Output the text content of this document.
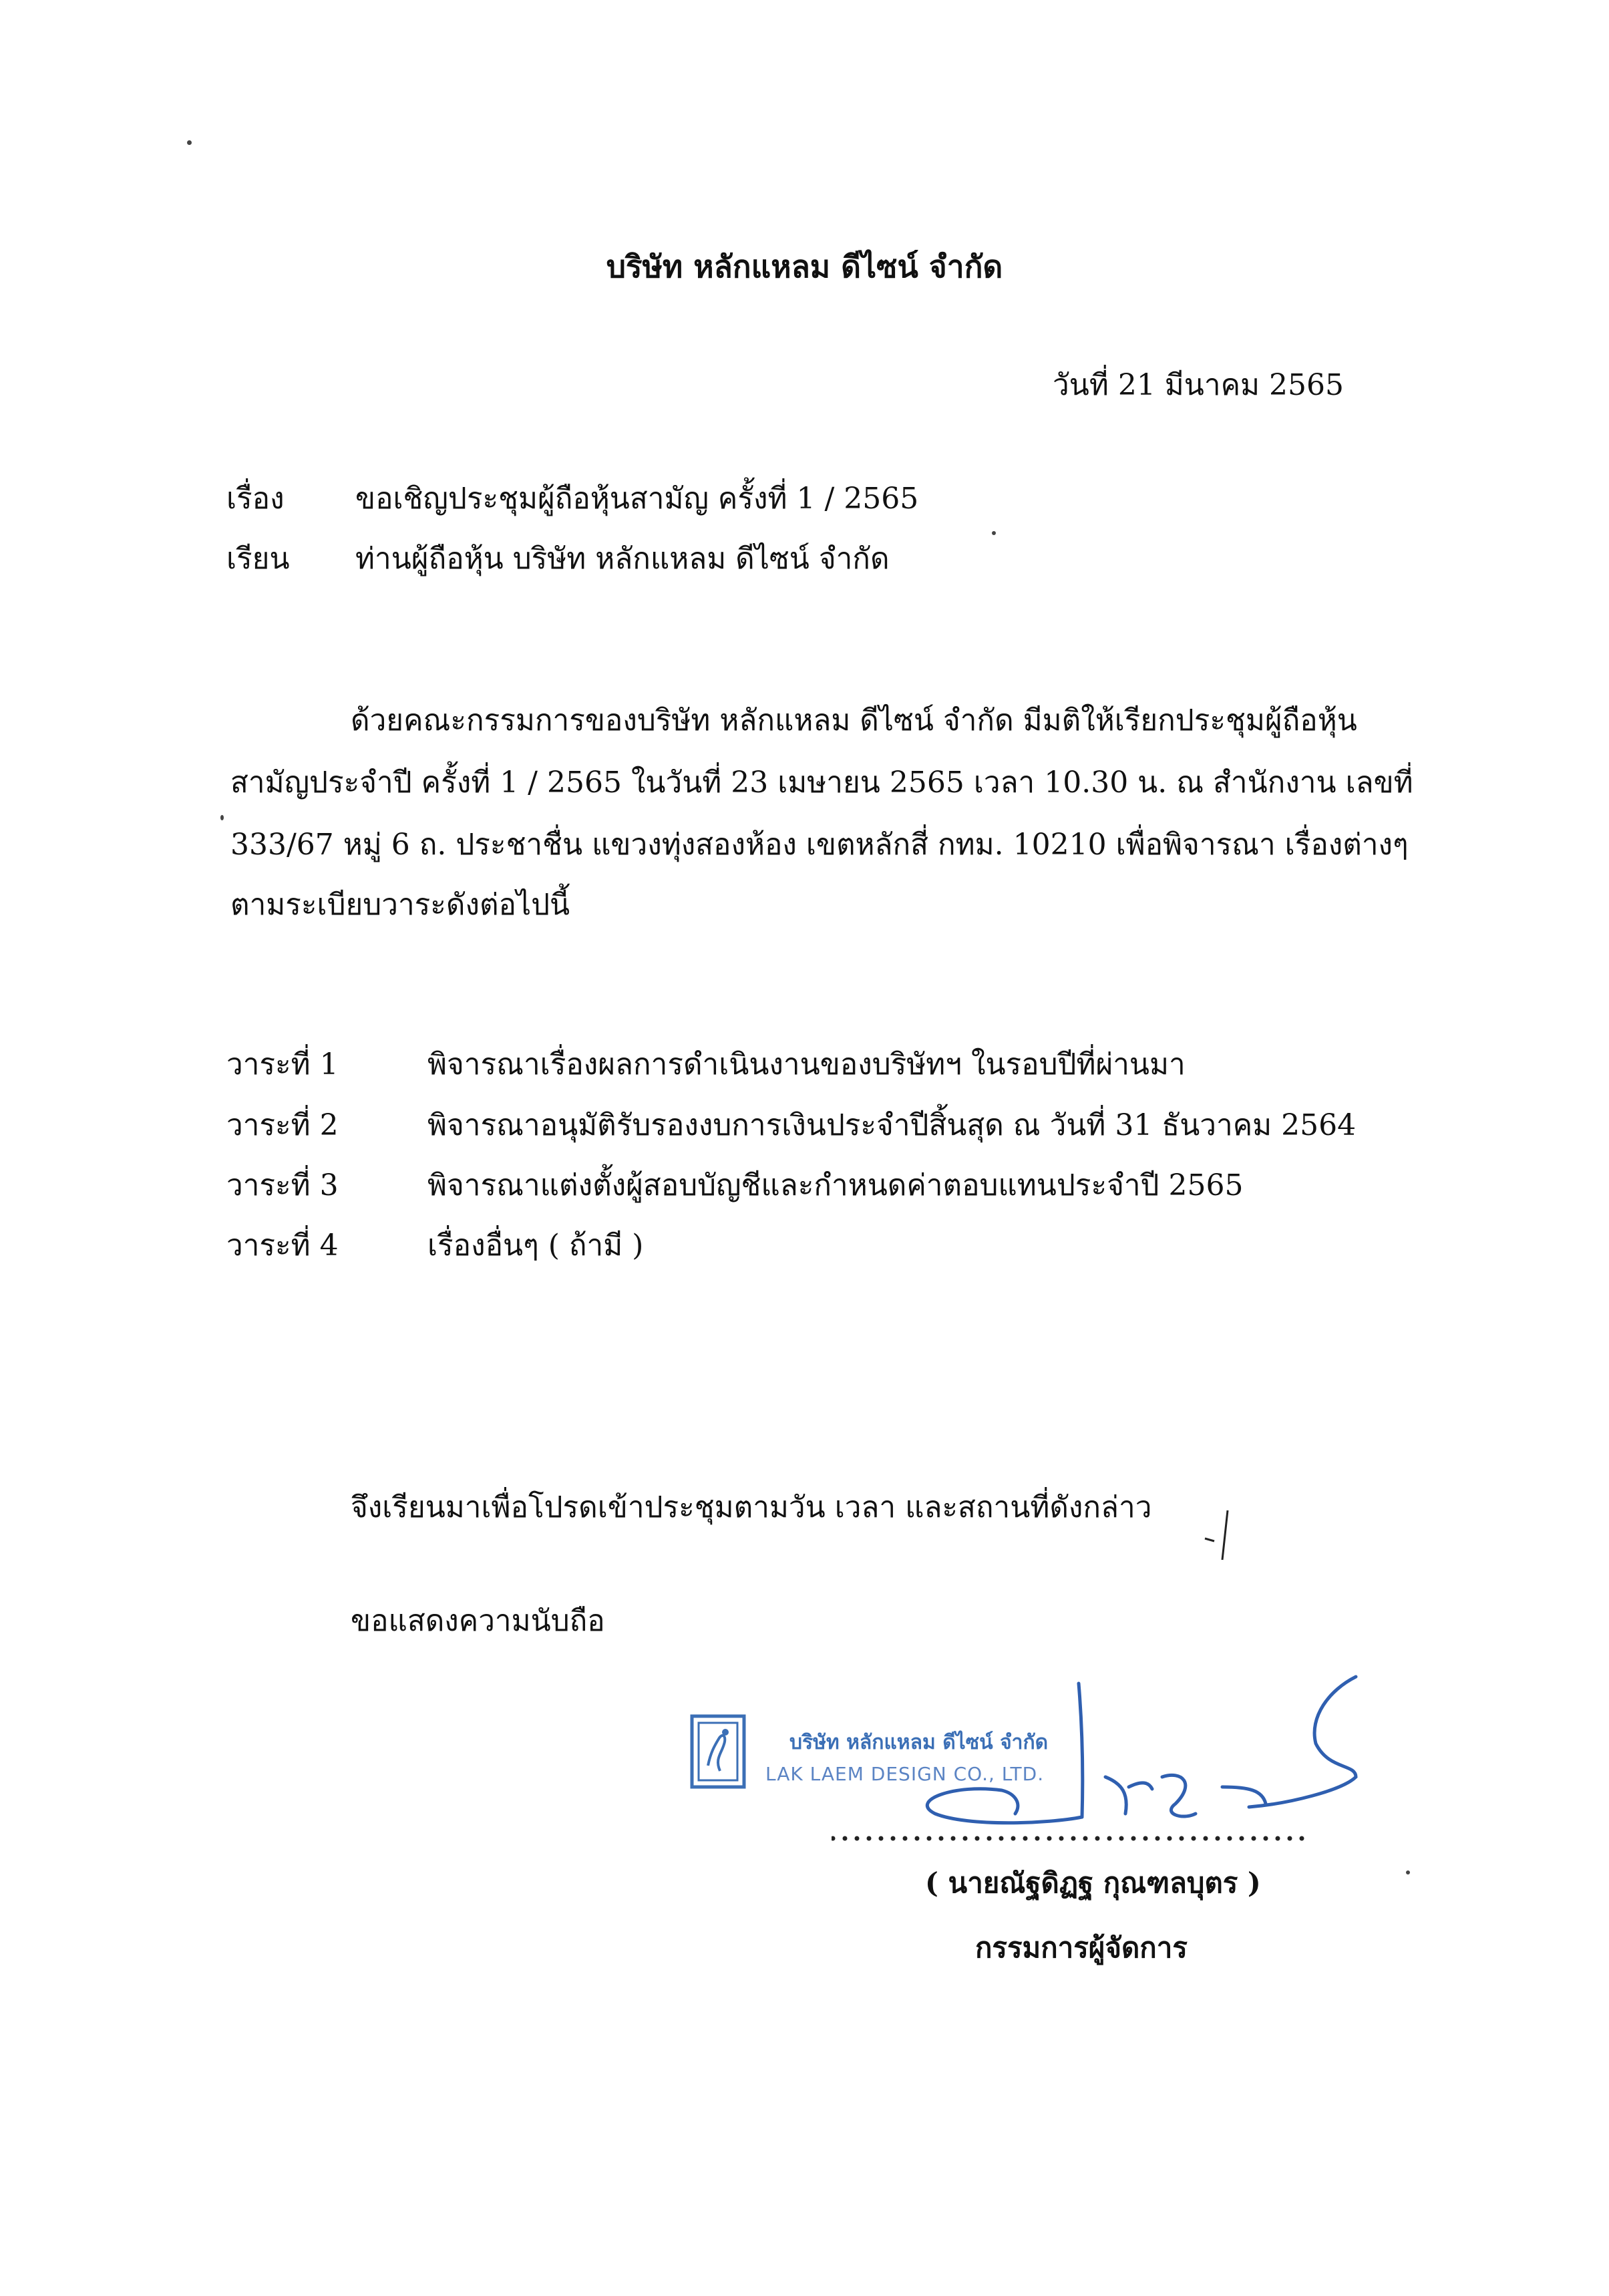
บริษัท หลักแหลม ดีไซน์ จำกัด
วันที่ 21 มีนาคม 2565
เรื่อง ขอเชิญประชุมผู้ถือหุ้นสามัญ ครั้งที่ 1 / 2565
เรียน ท่านผู้ถือหุ้น บริษัท หลักแหลม ดีไซน์ จำกัด
ด้วยคณะกรรมการของบริษัท หลักแหลม ดีไซน์ จำกัด มีมติให้เรียกประชุมผู้ถือหุ้น
สามัญประจำปี ครั้งที่ 1 / 2565 ในวันที่ 23 เมษายน 2565 เวลา 10.30 น. ณ สำนักงาน เลขที่
333/67 หมู่ 6 ถ. ประชาชื่น แขวงทุ่งสองห้อง เขตหลักสี่ กทม. 10210 เพื่อพิจารณา เรื่องต่างๆ
ตามระเบียบวาระดังต่อไปนี้
วาระที่ 1	พิจารณาเรื่องผลการดำเนินงานของบริษัทฯ ในรอบปีที่ผ่านมา
วาระที่ 2	พิจารณาอนุมัติรับรองงบการเงินประจำปีสิ้นสุด ณ วันที่ 31 ธันวาคม 2564
วาระที่ 3	พิจารณาแต่งตั้งผู้สอบบัญชีและกำหนดค่าตอบแทนประจำปี 2565
วาระที่ 4	เรื่องอื่นๆ ( ถ้ามี )
จึงเรียนมาเพื่อโปรดเข้าประชุมตามวัน เวลา และสถานที่ดังกล่าว
ขอแสดงความนับถือ
บริษัท หลักแหลม ดีไซน์ จำกัด
LAK LAEM DESIGN CO., LTD.
( นายณัฐดิฏฐ กุณฑลบุตร )
กรรมการผู้จัดการ
